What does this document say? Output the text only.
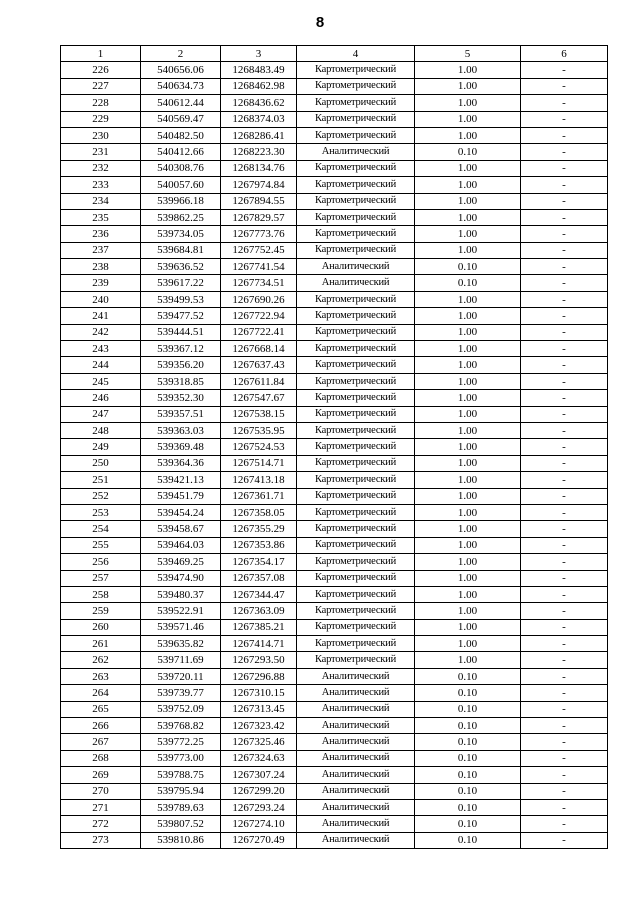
8
1	2	3	4	5	6
226	540656.06	1268483.49	Картометрический	1.00	-
227	540634.73	1268462.98	Картометрический	1.00	-
228	540612.44	1268436.62	Картометрический	1.00	-
229	540569.47	1268374.03	Картометрический	1.00	-
230	540482.50	1268286.41	Картометрический	1.00	-
231	540412.66	1268223.30	Аналитический	0.10	-
232	540308.76	1268134.76	Картометрический	1.00	-
233	540057.60	1267974.84	Картометрический	1.00	-
234	539966.18	1267894.55	Картометрический	1.00	-
235	539862.25	1267829.57	Картометрический	1.00	-
236	539734.05	1267773.76	Картометрический	1.00	-
237	539684.81	1267752.45	Картометрический	1.00	-
238	539636.52	1267741.54	Аналитический	0.10	-
239	539617.22	1267734.51	Аналитический	0.10	-
240	539499.53	1267690.26	Картометрический	1.00	-
241	539477.52	1267722.94	Картометрический	1.00	-
242	539444.51	1267722.41	Картометрический	1.00	-
243	539367.12	1267668.14	Картометрический	1.00	-
244	539356.20	1267637.43	Картометрический	1.00	-
245	539318.85	1267611.84	Картометрический	1.00	-
246	539352.30	1267547.67	Картометрический	1.00	-
247	539357.51	1267538.15	Картометрический	1.00	-
248	539363.03	1267535.95	Картометрический	1.00	-
249	539369.48	1267524.53	Картометрический	1.00	-
250	539364.36	1267514.71	Картометрический	1.00	-
251	539421.13	1267413.18	Картометрический	1.00	-
252	539451.79	1267361.71	Картометрический	1.00	-
253	539454.24	1267358.05	Картометрический	1.00	-
254	539458.67	1267355.29	Картометрический	1.00	-
255	539464.03	1267353.86	Картометрический	1.00	-
256	539469.25	1267354.17	Картометрический	1.00	-
257	539474.90	1267357.08	Картометрический	1.00	-
258	539480.37	1267344.47	Картометрический	1.00	-
259	539522.91	1267363.09	Картометрический	1.00	-
260	539571.46	1267385.21	Картометрический	1.00	-
261	539635.82	1267414.71	Картометрический	1.00	-
262	539711.69	1267293.50	Картометрический	1.00	-
263	539720.11	1267296.88	Аналитический	0.10	-
264	539739.77	1267310.15	Аналитический	0.10	-
265	539752.09	1267313.45	Аналитический	0.10	-
266	539768.82	1267323.42	Аналитический	0.10	-
267	539772.25	1267325.46	Аналитический	0.10	-
268	539773.00	1267324.63	Аналитический	0.10	-
269	539788.75	1267307.24	Аналитический	0.10	-
270	539795.94	1267299.20	Аналитический	0.10	-
271	539789.63	1267293.24	Аналитический	0.10	-
272	539807.52	1267274.10	Аналитический	0.10	-
273	539810.86	1267270.49	Аналитический	0.10	-
